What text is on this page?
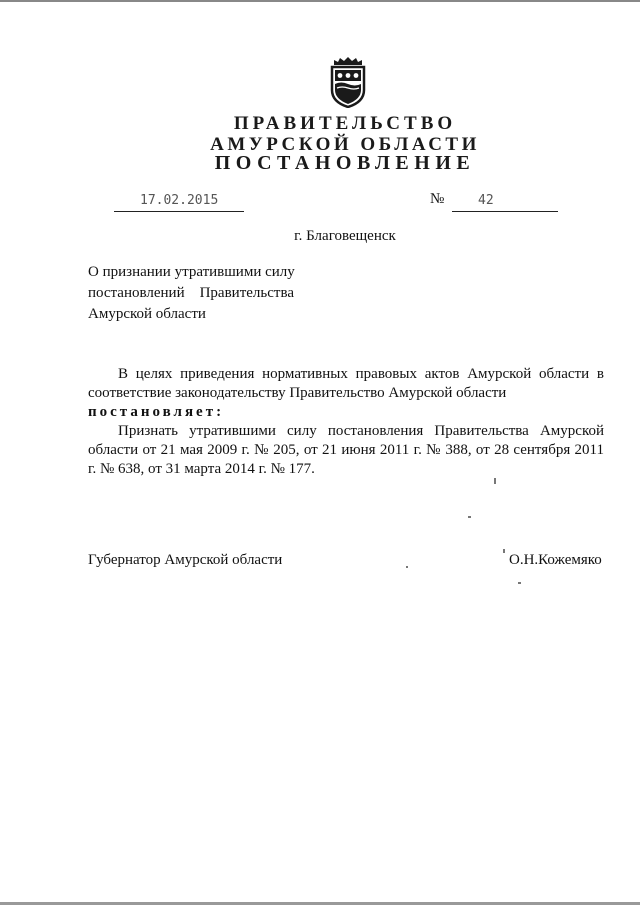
ПРАВИТЕЛЬСТВО
АМУРСКОЙ ОБЛАСТИ
ПОСТАНОВЛЕНИЕ
17.02.2015	№	42
г. Благовещенск
О признании утратившими силу
постановлений    Правительства
Амурской области

В целях приведения нормативных правовых актов Амурской области в соответствие законодательству Правительство Амурской области

постановляет:

Признать утратившими силу постановления Правительства Амурской области от 21 мая 2009 г. № 205, от 21 июня 2011 г. № 388, от 28 сентября 2011 г. № 638, от 31 марта 2014 г. № 177.

Губернатор Амурской области	О.Н.Кожемяко
